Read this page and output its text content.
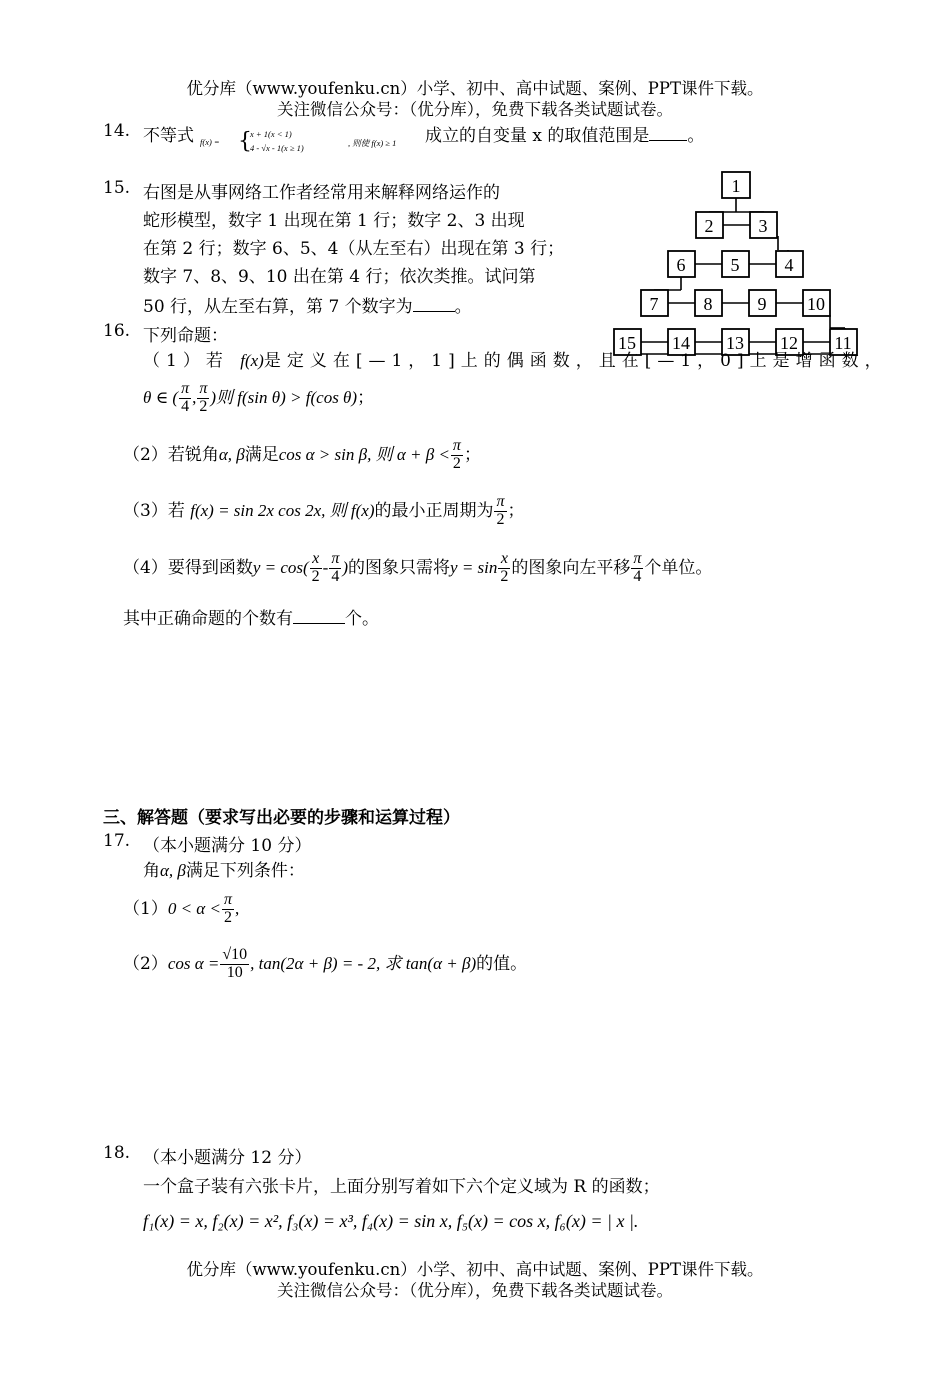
优分库（www.youfenku.cn）小学、初中、高中试题、案例、PPT课件下载。
关注微信公众号：（优分库），免费下载各类试题试卷。
14. 不等式 f(x) = {
x + 1(x < 1)
4 - √x - 1(x ≥ 1)	, 则使 f(x) ≥ 1 成立的自变量 x 的取值范围是 。
15. 右图是从事网络工作者经常用来解释网络运作的
蛇形模型，数字 1 出现在第 1 行；数字 2、3 出现
在第 2 行；数字 6、5、4（从左至右）出现在第 3 行；
数字 7、8、9、10 出在第 4 行；依次类推。试问第
50 行，从左至右算，第 7 个数字为 。
1
2	3
6	5	4
7	8	9 10
15 14 13 12 11
16. 下列命题：
（1）若 f(x)是定义在[—1，1]上的偶函数，且在[—1，0]上是增函数，
θ ∈ ( $\frac{\pi}{4}$ , $\frac{\pi}{2}$ )则 f(sin θ) > f(cos θ)；
（2）若锐角α, β满足cos α > sin β, 则 $\alpha + \beta < \frac{\pi}{2}$ ；
（3）若 f(x) = sin 2x cos 2x, 则 f(x)的最小正周期为 $\frac{\pi}{2}$ ；
（4）要得到函数$y = \cos( \frac{x}{2} - \frac{\pi}{4}$ )的图象只需将$y = \sin \frac{x}{2}$ 的图象向左平移 $\frac{\pi}{4}$ 个单位。
其中正确命题的个数有	个。
三、解答题（要求写出必要的步骤和运算过程）
17. （本小题满分 10 分）
角α, β满足下列条件：
$(1)0 < \alpha < \frac{\pi}{2}$ ,
（2）cos $\alpha = \frac{√10}{10}$ , tan(2α + β) = - 2, 求 tan(α + β)的值。
18. （本小题满分 12 分）
一个盒子装有六张卡片，上面分别写着如下六个定义域为 R 的函数；
f₁(x) = x, f₂(x) = x², f₃(x) = x³, f₄(x) = sin x, f₅(x) = cos x, f₆(x) = | x |.
优分库（www.youfenku.cn）小学、初中、高中试题、案例、PPT课件下载。
关注微信公众号：（优分库），免费下载各类试题试卷。
